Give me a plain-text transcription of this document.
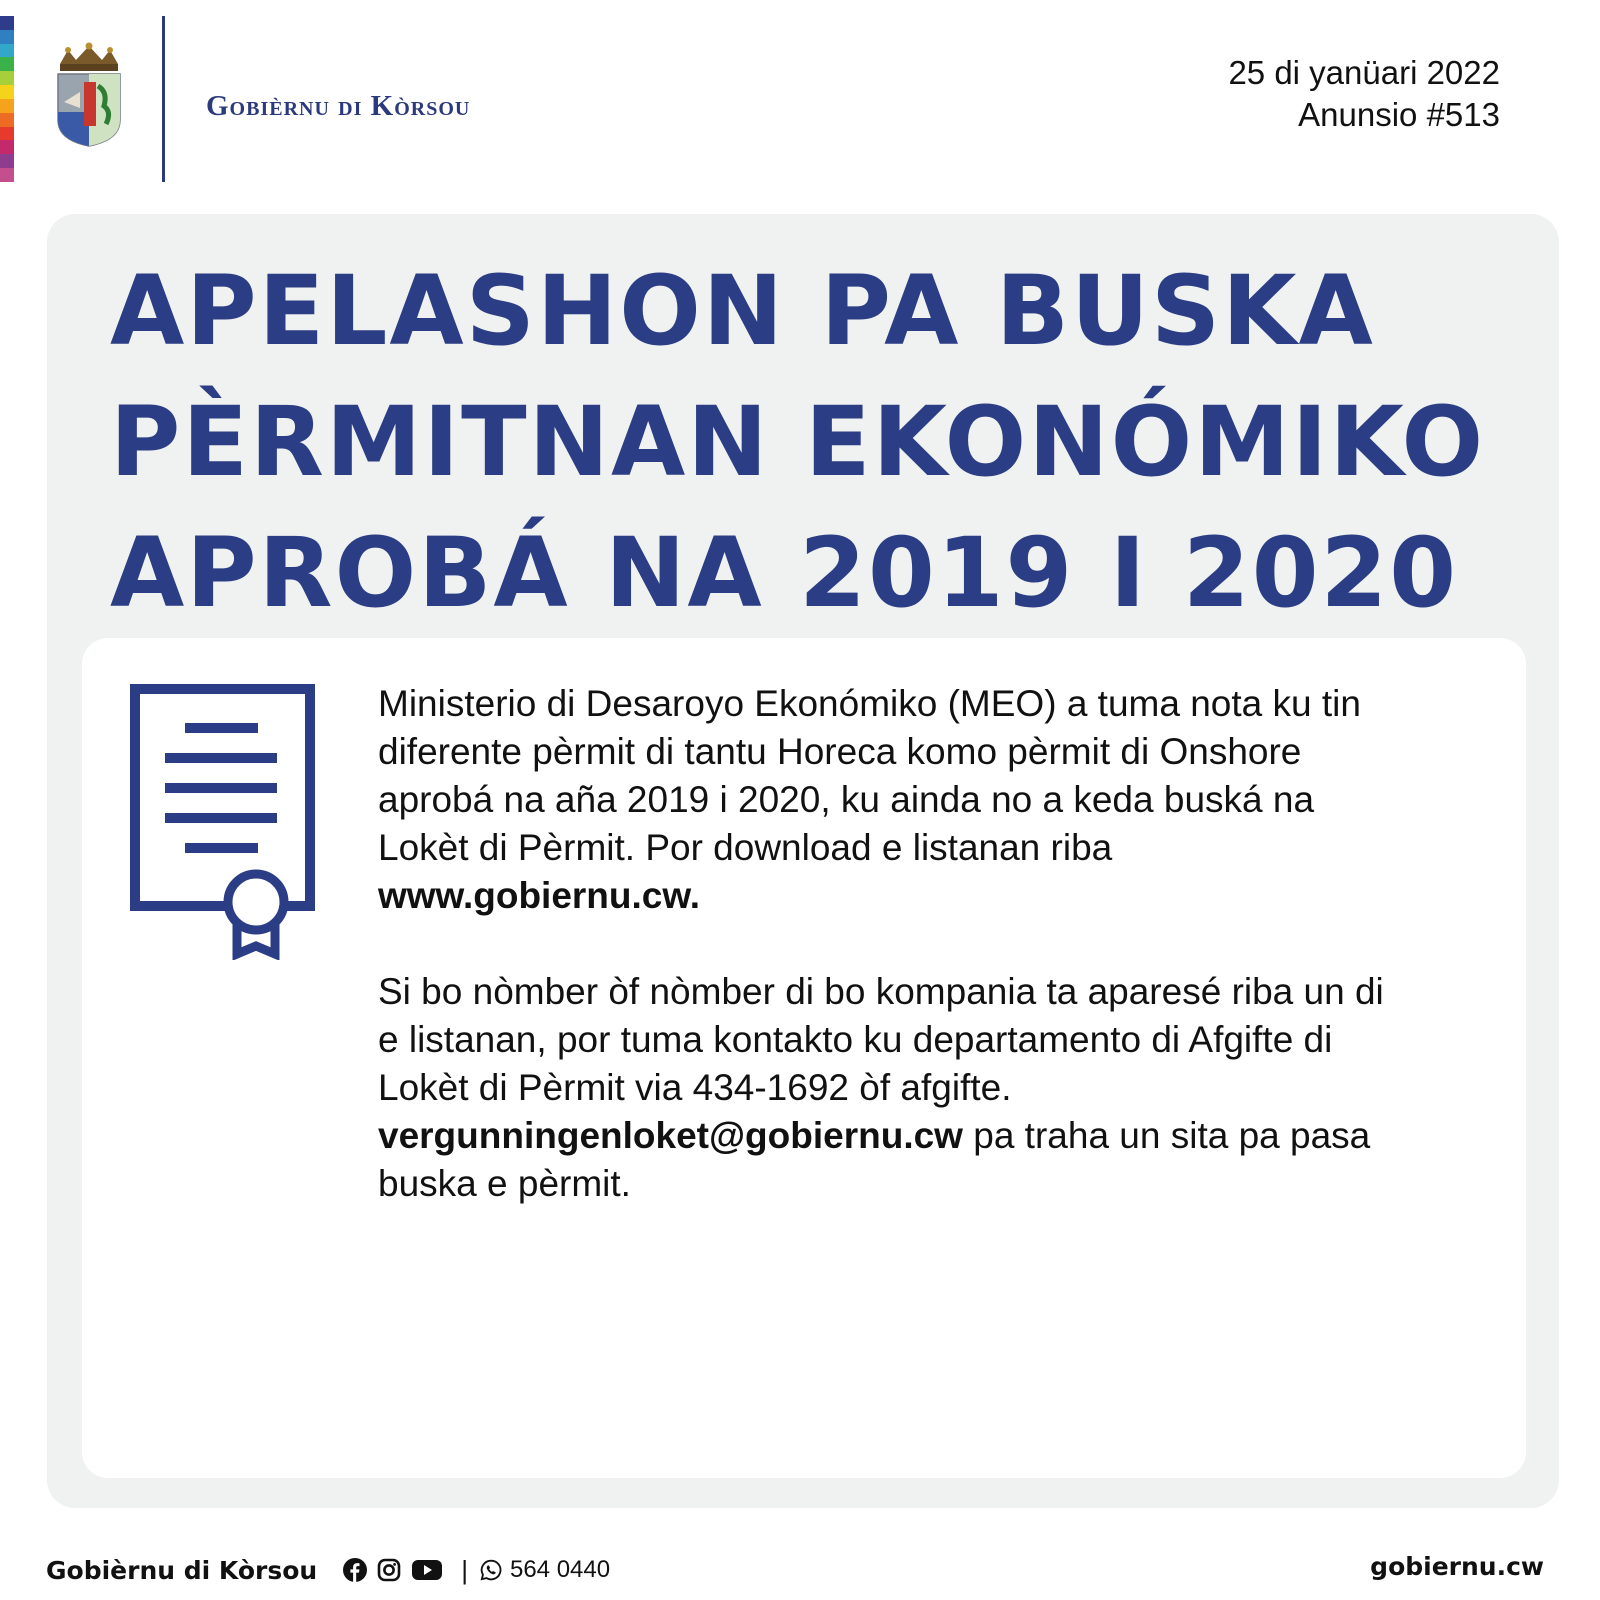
Gobièrnu di Kòrsou
25 di yanüari 2022
Anunsio #513
APELASHON PA BUSKA
PÈRMITNAN EKONÓMIKO
APROBÁ NA 2019 I 2020

Ministerio di Desaroyo Ekonómiko (MEO) a tuma nota ku tin diferente pèrmit di tantu Horeca komo pèrmit di Onshore aprobá na aña 2019 i 2020, ku ainda no a keda buská na Lokèt di Pèrmit. Por download e listanan riba
www.gobiernu.cw.

Si bo nòmber òf nòmber di bo kompania ta aparesé riba un di e listanan, por tuma kontakto ku departamento di Afgifte di Lokèt di Pèrmit via 434-1692 òf afgifte.
vergunningenloket@gobiernu.cw pa traha un sita pa pasa buska e pèrmit.

Gobièrnu di Kòrsou	| 564 0440	gobiernu.cw
